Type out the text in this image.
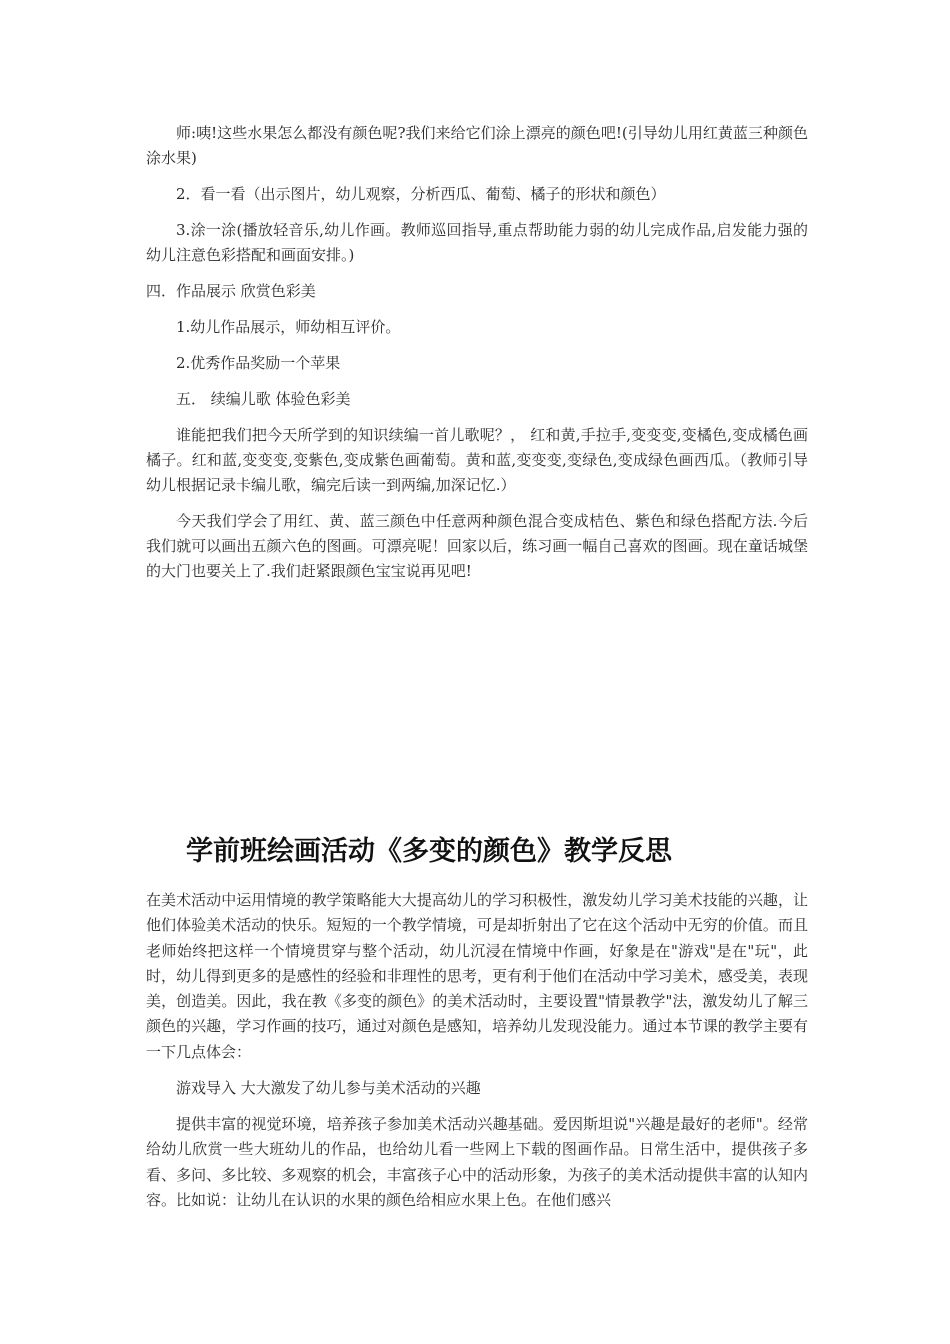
师:咦!这些水果怎么都没有颜色呢?我们来给它们涂上漂亮的颜色吧!(引导幼儿用红黄蓝三种颜色涂水果)

2．看一看（出示图片，幼儿观察，分析西瓜、葡萄、橘子的形状和颜色）

3.涂一涂(播放轻音乐,幼儿作画。教师巡回指导,重点帮助能力弱的幼儿完成作品,启发能力强的幼儿注意色彩搭配和画面安排。)

四．作品展示 欣赏色彩美

1.幼儿作品展示，师幼相互评价。

2.优秀作品奖励一个苹果

五． 续编儿歌 体验色彩美

谁能把我们把今天所学到的知识续编一首儿歌呢？， 红和黄,手拉手,变变变,变橘色,变成橘色画橘子。红和蓝,变变变,变紫色,变成紫色画葡萄。黄和蓝,变变变,变绿色,变成绿色画西瓜。（教师引导幼儿根据记录卡编儿歌，编完后读一到两编,加深记忆.）

今天我们学会了用红、黄、蓝三颜色中任意两种颜色混合变成桔色、紫色和绿色搭配方法.今后我们就可以画出五颜六色的图画。可漂亮呢！回家以后，练习画一幅自己喜欢的图画。现在童话城堡的大门也要关上了.我们赶紧跟颜色宝宝说再见吧!

学前班绘画活动《多变的颜色》教学反思

在美术活动中运用情境的教学策略能大大提高幼儿的学习积极性，激发幼儿学习美术技能的兴趣，让他们体验美术活动的快乐。短短的一个教学情境，可是却折射出了它在这个活动中无穷的价值。而且老师始终把这样一个情境贯穿与整个活动，幼儿沉浸在情境中作画，好象是在"游戏"是在"玩"，此时，幼儿得到更多的是感性的经验和非理性的思考，更有利于他们在活动中学习美术，感受美，表现美，创造美。因此，我在教《多变的颜色》的美术活动时，主要设置"情景教学"法，激发幼儿了解三颜色的兴趣，学习作画的技巧，通过对颜色是感知，培养幼儿发现没能力。通过本节课的教学主要有一下几点体会：

游戏导入 大大激发了幼儿参与美术活动的兴趣

提供丰富的视觉环境，培养孩子参加美术活动兴趣基础。爱因斯坦说"兴趣是最好的老师"。经常给幼儿欣赏一些大班幼儿的作品，也给幼儿看一些网上下载的图画作品。日常生活中，提供孩子多看、多问、多比较、多观察的机会，丰富孩子心中的活动形象，为孩子的美术活动提供丰富的认知内容。比如说：让幼儿在认识的水果的颜色给相应水果上色。在他们感兴
